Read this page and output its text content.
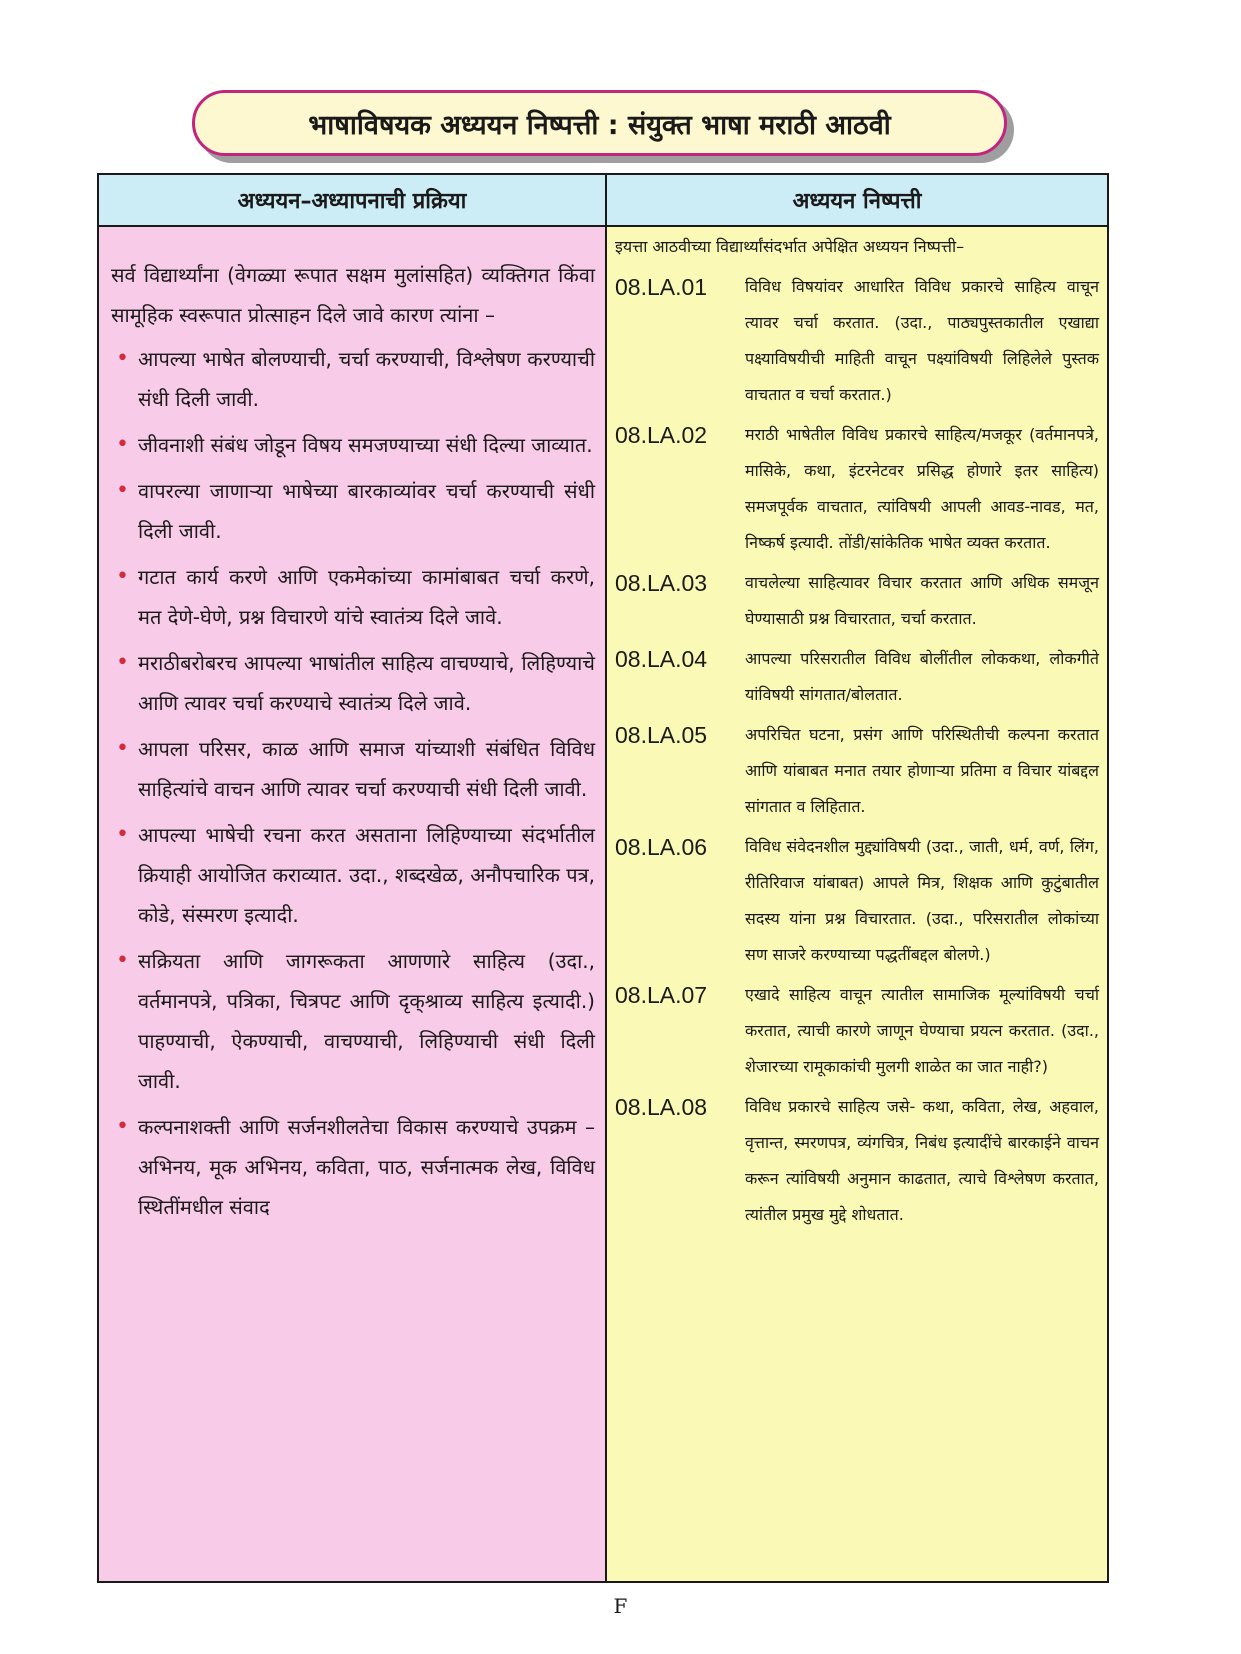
भाषाविषयक अध्ययन निष्पत्ती : संयुक्त भाषा मराठी आठवी
अध्ययन–अध्यापनाची प्रक्रिया	अध्ययन निष्पत्ती

सर्व विद्यार्थ्यांना (वेगळ्या रूपात सक्षम मुलांसहित) व्यक्तिगत किंवा सामूहिक स्वरूपात प्रोत्साहन दिले जावे कारण त्यांना –

• आपल्या भाषेत बोलण्याची, चर्चा करण्याची, विश्लेषण करण्याची संधी दिली जावी.
• जीवनाशी संबंध जोडून विषय समजण्याच्या संधी दिल्या जाव्यात.
• वापरल्या जाणाऱ्या भाषेच्या बारकाव्यांवर चर्चा करण्याची संधी दिली जावी.
• गटात कार्य करणे आणि एकमेकांच्या कामांबाबत चर्चा करणे, मत देणे-घेणे, प्रश्न विचारणे यांचे स्वातंत्र्य दिले जावे.
• मराठीबरोबरच आपल्या भाषांतील साहित्य वाचण्याचे, लिहिण्याचे आणि त्यावर चर्चा करण्याचे स्वातंत्र्य दिले जावे.
• आपला परिसर, काळ आणि समाज यांच्याशी संबंधित विविध साहित्यांचे वाचन आणि त्यावर चर्चा करण्याची संधी दिली जावी.
• आपल्या भाषेची रचना करत असताना लिहिण्याच्या संदर्भातील क्रियाही आयोजित कराव्यात. उदा., शब्दखेळ, अनौपचारिक पत्र, कोडे, संस्मरण इत्यादी.
• सक्रियता आणि जागरूकता आणणारे साहित्य (उदा., वर्तमानपत्रे, पत्रिका, चित्रपट आणि दृक्‌श्राव्य साहित्य इत्यादी.) पाहण्याची, ऐकण्याची, वाचण्याची, लिहिण्याची संधी दिली जावी.
• कल्पनाशक्ती आणि सर्जनशीलतेचा विकास करण्याचे उपक्रम – अभिनय, मूक अभिनय, कविता, पाठ, सर्जनात्मक लेख, विविध स्थितींमधील संवाद

इयत्ता आठवीच्या विद्यार्थ्यांसंदर्भात अपेक्षित अध्ययन निष्पत्ती–

08.LA.01	विविध विषयांवर आधारित विविध प्रकारचे साहित्य वाचून त्यावर चर्चा करतात. (उदा., पाठ्यपुस्तकातील एखाद्या पक्ष्याविषयीची माहिती वाचून पक्ष्यांविषयी लिहिलेले पुस्तक वाचतात व चर्चा करतात.)
08.LA.02	मराठी भाषेतील विविध प्रकारचे साहित्य/मजकूर (वर्तमानपत्रे, मासिके, कथा, इंटरनेटवर प्रसिद्ध होणारे इतर साहित्य) समजपूर्वक वाचतात, त्यांविषयी आपली आवड-नावड, मत, निष्कर्ष इत्यादी. तोंडी/सांकेतिक भाषेत व्यक्त करतात.
08.LA.03	वाचलेल्या साहित्यावर विचार करतात आणि अधिक समजून घेण्यासाठी प्रश्न विचारतात, चर्चा करतात.
08.LA.04	आपल्या परिसरातील विविध बोलींतील लोककथा, लोकगीते यांविषयी सांगतात/बोलतात.
08.LA.05	अपरिचित घटना, प्रसंग आणि परिस्थितीची कल्पना करतात आणि यांबाबत मनात तयार होणाऱ्या प्रतिमा व विचार यांबद्दल सांगतात व लिहितात.
08.LA.06	विविध संवेदनशील मुद्द्यांविषयी (उदा., जाती, धर्म, वर्ण, लिंग, रीतिरिवाज यांबाबत) आपले मित्र, शिक्षक आणि कुटुंबातील सदस्य यांना प्रश्न विचारतात. (उदा., परिसरातील लोकांच्या सण साजरे करण्याच्या पद्धतींबद्दल बोलणे.)
08.LA.07	एखादे साहित्य वाचून त्यातील सामाजिक मूल्यांविषयी चर्चा करतात, त्याची कारणे जाणून घेण्याचा प्रयत्न करतात. (उदा., शेजारच्या रामूकाकांची मुलगी शाळेत का जात नाही?)
08.LA.08	विविध प्रकारचे साहित्य जसे- कथा, कविता, लेख, अहवाल, वृत्तान्त, स्मरणपत्र, व्यंगचित्र, निबंध इत्यादींचे बारकाईने वाचन करून त्यांविषयी अनुमान काढतात, त्याचे विश्लेषण करतात, त्यांतील प्रमुख मुद्दे शोधतात.
F
